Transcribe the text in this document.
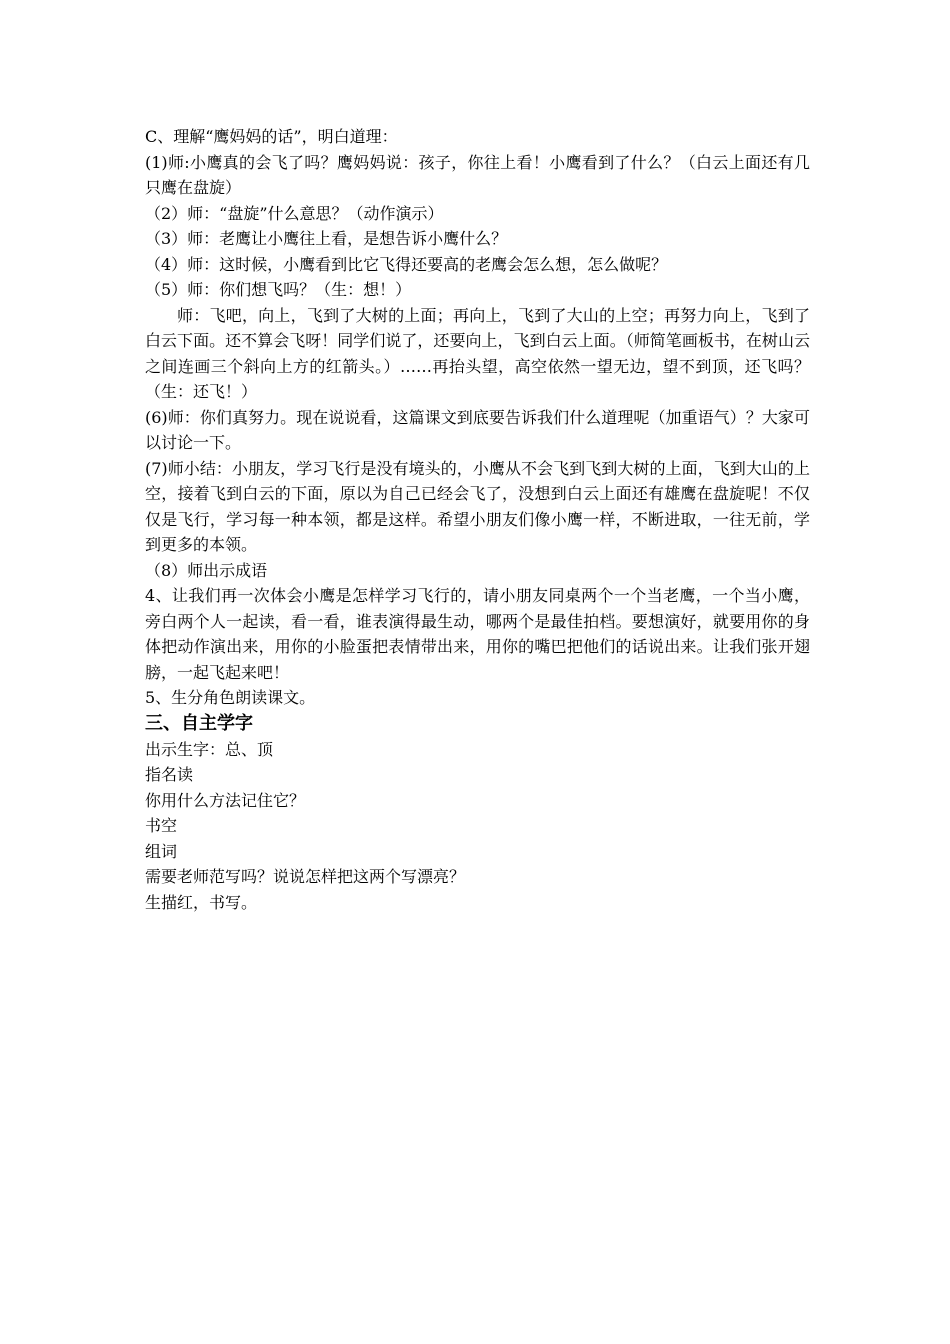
C、理解“鹰妈妈的话”，明白道理：

(1)师:小鹰真的会飞了吗？鹰妈妈说：孩子，你往上看！小鹰看到了什么？（白云上面还有几只鹰在盘旋）

（2）师：“盘旋”什么意思？（动作演示）

（3）师：老鹰让小鹰往上看，是想告诉小鹰什么？

（4）师：这时候，小鹰看到比它飞得还要高的老鹰会怎么想，怎么做呢？

（5）师：你们想飞吗？（生：想！）

师：飞吧，向上，飞到了大树的上面；再向上，飞到了大山的上空；再努力向上，飞到了白云下面。还不算会飞呀！同学们说了，还要向上，飞到白云上面。（师简笔画板书，在树山云之间连画三个斜向上方的红箭头。）……再抬头望，高空依然一望无边，望不到顶，还飞吗？（生：还飞！）

(6)师：你们真努力。现在说说看，这篇课文到底要告诉我们什么道理呢（加重语气）？大家可以讨论一下。

(7)师小结：小朋友，学习飞行是没有境头的，小鹰从不会飞到飞到大树的上面，飞到大山的上空，接着飞到白云的下面，原以为自己已经会飞了，没想到白云上面还有雄鹰在盘旋呢！不仅仅是飞行，学习每一种本领，都是这样。希望小朋友们像小鹰一样，不断进取，一往无前，学到更多的本领。

（8）师出示成语

4、让我们再一次体会小鹰是怎样学习飞行的，请小朋友同桌两个一个当老鹰，一个当小鹰，旁白两个人一起读，看一看，谁表演得最生动，哪两个是最佳拍档。要想演好，就要用你的身体把动作演出来，用你的小脸蛋把表情带出来，用你的嘴巴把他们的话说出来。让我们张开翅膀，一起飞起来吧！

5、生分角色朗读课文。

三、自主学字

出示生字：总、顶

指名读

你用什么方法记住它？

书空

组词

需要老师范写吗？说说怎样把这两个写漂亮？

生描红，书写。
